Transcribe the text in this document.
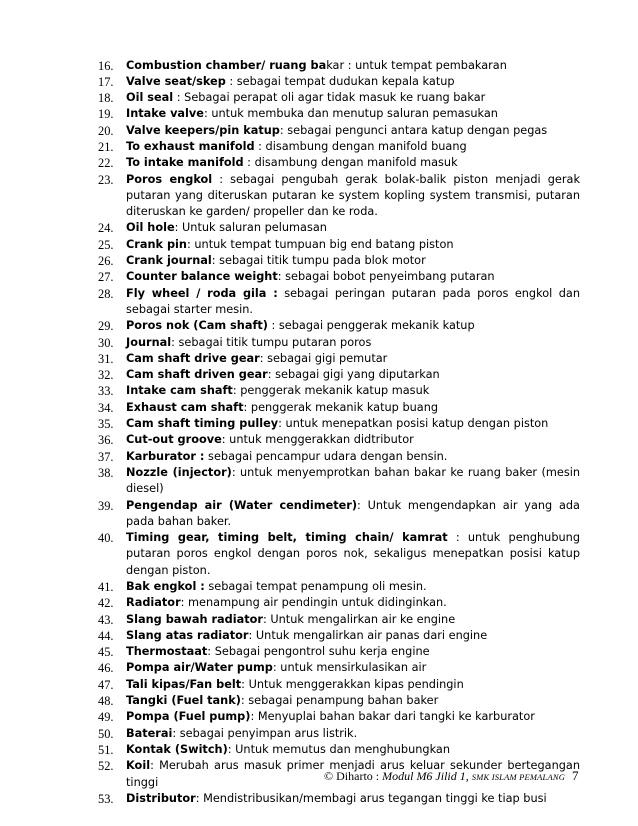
16.	Combustion chamber/ ruang bakar : untuk tempat pembakaran
17.	Valve seat/skep : sebagai tempat dudukan kepala katup
18.	Oil seal : Sebagai perapat oli agar tidak masuk ke ruang bakar
19.	Intake valve: untuk membuka dan menutup saluran pemasukan
20.	Valve keepers/pin katup: sebagai pengunci antara katup dengan pegas
21.	To exhaust manifold : disambung dengan manifold buang
22.	To intake manifold : disambung dengan manifold masuk
23.	Poros engkol : sebagai pengubah gerak bolak-balik piston menjadi gerak putaran yang diteruskan putaran ke system kopling system transmisi, putaran diteruskan ke garden/ propeller dan ke roda.
24.	Oil hole: Untuk saluran pelumasan
25.	Crank pin: untuk tempat tumpuan big end batang piston
26.	Crank journal: sebagai titik tumpu pada blok motor
27.	Counter balance weight: sebagai bobot penyeimbang putaran
28.	Fly wheel / roda gila : sebagai peringan putaran pada poros engkol dan sebagai starter mesin.
29.	Poros nok (Cam shaft) : sebagai penggerak mekanik katup
30.	Journal: sebagai titik tumpu putaran poros
31.	Cam shaft drive gear: sebagai gigi pemutar
32.	Cam shaft driven gear: sebagai gigi yang diputarkan
33.	Intake cam shaft: penggerak mekanik katup masuk
34.	Exhaust cam shaft: penggerak mekanik katup buang
35.	Cam shaft timing pulley: untuk menepatkan posisi katup dengan piston
36.	Cut-out groove: untuk menggerakkan didtributor
37.	Karburator : sebagai pencampur udara dengan bensin.
38.	Nozzle (injector): untuk menyemprotkan bahan bakar ke ruang baker (mesin diesel)
39.	Pengendap air (Water cendimeter): Untuk mengendapkan air yang ada pada bahan baker.
40.	Timing gear, timing belt, timing chain/ kamrat : untuk penghubung putaran poros engkol dengan poros nok, sekaligus menepatkan posisi katup dengan piston.
41.	Bak engkol : sebagai tempat penampung oli mesin.
42.	Radiator: menampung air pendingin untuk didinginkan.
43.	Slang bawah radiator: Untuk mengalirkan air ke engine
44.	Slang atas radiator: Untuk mengalirkan air panas dari engine
45.	Thermostaat: Sebagai pengontrol suhu kerja engine
46.	Pompa air/Water pump: untuk mensirkulasikan air
47.	Tali kipas/Fan belt: Untuk menggerakkan kipas pendingin
48.	Tangki (Fuel tank): sebagai penampung bahan baker
49.	Pompa (Fuel pump): Menyuplai bahan bakar dari tangki ke karburator
50.	Baterai: sebagai penyimpan arus listrik.
51.	Kontak (Switch): Untuk memutus dan menghubungkan
52.	Koil: Merubah arus masuk primer menjadi arus keluar sekunder bertegangan tinggi
53.	Distributor: Mendistribusikan/membagi arus tegangan tinggi ke tiap busi
© Diharto : Modul M6 Jilid 1, SMK ISLAM PEMALANG 7
